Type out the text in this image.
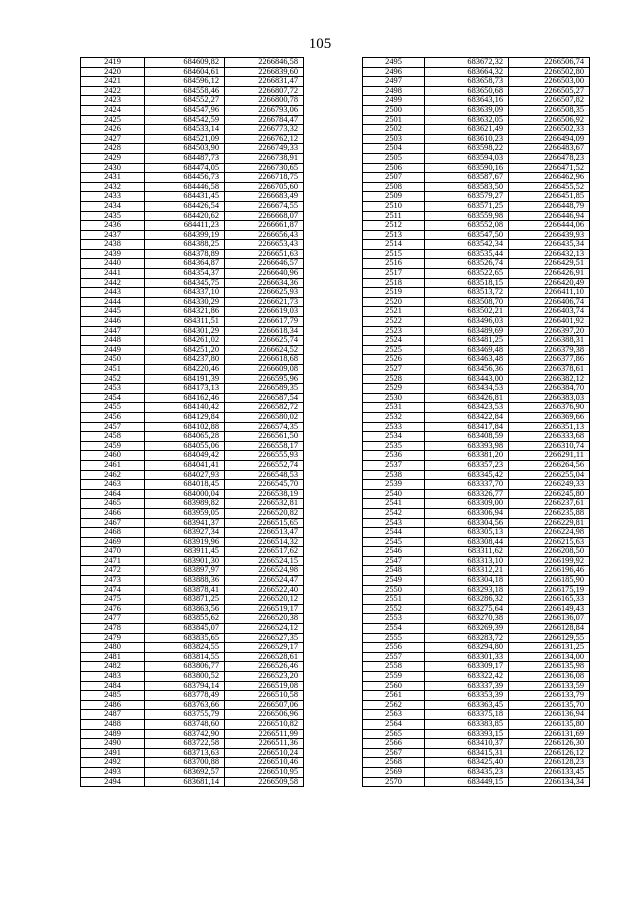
105
2419	684609,82	2266846,58
2420	684604,61	2266839,60
2421	684596,12	2266831,47
2422	684558,46	2266807,72
2423	684552,27	2266800,78
2424	684547,96	2266793,06
2425	684542,59	2266784,47
2426	684533,14	2266773,32
2427	684521,09	2266762,12
2428	684503,90	2266749,33
2429	684487,73	2266738,91
2430	684474,05	2266730,65
2431	684456,73	2266718,75
2432	684446,58	2266705,60
2433	684431,45	2266683,49
2434	684426,54	2266674,55
2435	684420,62	2266668,07
2436	684411,23	2266661,87
2437	684399,19	2266656,43
2438	684388,25	2266653,43
2439	684378,89	2266651,63
2440	684364,87	2266646,57
2441	684354,37	2266640,96
2442	684345,75	2266634,36
2443	684337,10	2266625,93
2444	684330,29	2266621,73
2445	684321,86	2266619,03
2446	684311,51	2266617,79
2447	684301,29	2266618,34
2448	684261,02	2266625,74
2449	684251,20	2266624,52
2450	684237,80	2266618,68
2451	684220,46	2266609,08
2452	684191,39	2266595,96
2453	684173,13	2266589,35
2454	684162,46	2266587,54
2455	684140,42	2266582,72
2456	684129,84	2266580,02
2457	684102,88	2266574,35
2458	684065,28	2266561,50
2459	684055,06	2266558,17
2460	684049,42	2266555,93
2461	684041,41	2266552,74
2462	684027,93	2266548,53
2463	684018,45	2266545,70
2464	684000,04	2266538,19
2465	683989,82	2266532,81
2466	683959,05	2266520,82
2467	683941,37	2266515,65
2468	683927,34	2266513,47
2469	683919,96	2266514,32
2470	683911,45	2266517,62
2471	683901,30	2266524,15
2472	683897,97	2266524,98
2473	683888,36	2266524,47
2474	683878,41	2266522,40
2475	683871,25	2266520,12
2476	683863,56	2266519,17
2477	683855,62	2266520,38
2478	683845,07	2266524,12
2479	683835,65	2266527,35
2480	683824,55	2266529,17
2481	683814,55	2266528,61
2482	683806,77	2266526,46
2483	683800,52	2266523,20
2484	683794,14	2266519,08
2485	683778,49	2266510,58
2486	683763,66	2266507,06
2487	683755,79	2266506,96
2488	683748,60	2266510,82
2489	683742,90	2266511,99
2490	683722,58	2266511,36
2491	683713,63	2266510,24
2492	683700,88	2266510,46
2493	683692,57	2266510,95
2494	683681,14	2266509,58
2495	683672,32	2266506,74
2496	683664,32	2266502,80
2497	683658,73	2266503,00
2498	683650,68	2266505,27
2499	683643,16	2266507,82
2500	683639,09	2266508,35
2501	683632,05	2266506,92
2502	683621,49	2266502,33
2503	683610,23	2266494,09
2504	683598,22	2266483,67
2505	683594,03	2266478,23
2506	683590,16	2266471,52
2507	683587,67	2266462,96
2508	683583,50	2266455,52
2509	683579,27	2266451,85
2510	683571,25	2266448,79
2511	683559,98	2266446,94
2512	683552,08	2266444,06
2513	683547,50	2266439,93
2514	683542,34	2266435,34
2515	683535,44	2266432,13
2516	683526,74	2266429,51
2517	683522,65	2266426,91
2518	683518,15	2266420,49
2519	683513,72	2266411,10
2520	683508,70	2266406,74
2521	683502,21	2266403,74
2522	683496,03	2266401,92
2523	683489,69	2266397,20
2524	683481,25	2266388,31
2525	683469,48	2266379,38
2526	683463,48	2266377,86
2527	683456,36	2266378,61
2528	683443,00	2266382,12
2529	683434,53	2266384,70
2530	683426,81	2266383,03
2531	683423,53	2266376,90
2532	683422,84	2266369,66
2533	683417,84	2266351,13
2534	683408,59	2266333,68
2535	683393,98	2266310,74
2536	683381,20	2266291,11
2537	683357,23	2266264,56
2538	683345,42	2266255,04
2539	683337,70	2266249,33
2540	683326,77	2266245,80
2541	683309,00	2266237,61
2542	683306,94	2266235,88
2543	683304,56	2266229,81
2544	683305,13	2266224,98
2545	683308,44	2266215,63
2546	683311,62	2266208,50
2547	683313,10	2266199,92
2548	683312,21	2266196,46
2549	683304,18	2266185,90
2550	683293,18	2266175,19
2551	683286,32	2266165,33
2552	683275,64	2266149,43
2553	683270,38	2266136,07
2554	683269,39	2266128,84
2555	683283,72	2266129,55
2556	683294,80	2266131,25
2557	683301,33	2266134,00
2558	683309,17	2266135,98
2559	683322,42	2266136,08
2560	683337,39	2266133,59
2561	683353,39	2266133,79
2562	683363,45	2266135,70
2563	683375,18	2266136,94
2564	683383,85	2266135,80
2565	683393,15	2266131,69
2566	683410,37	2266126,30
2567	683415,31	2266126,12
2568	683425,40	2266128,23
2569	683435,23	2266133,45
2570	683449,15	2266134,34
